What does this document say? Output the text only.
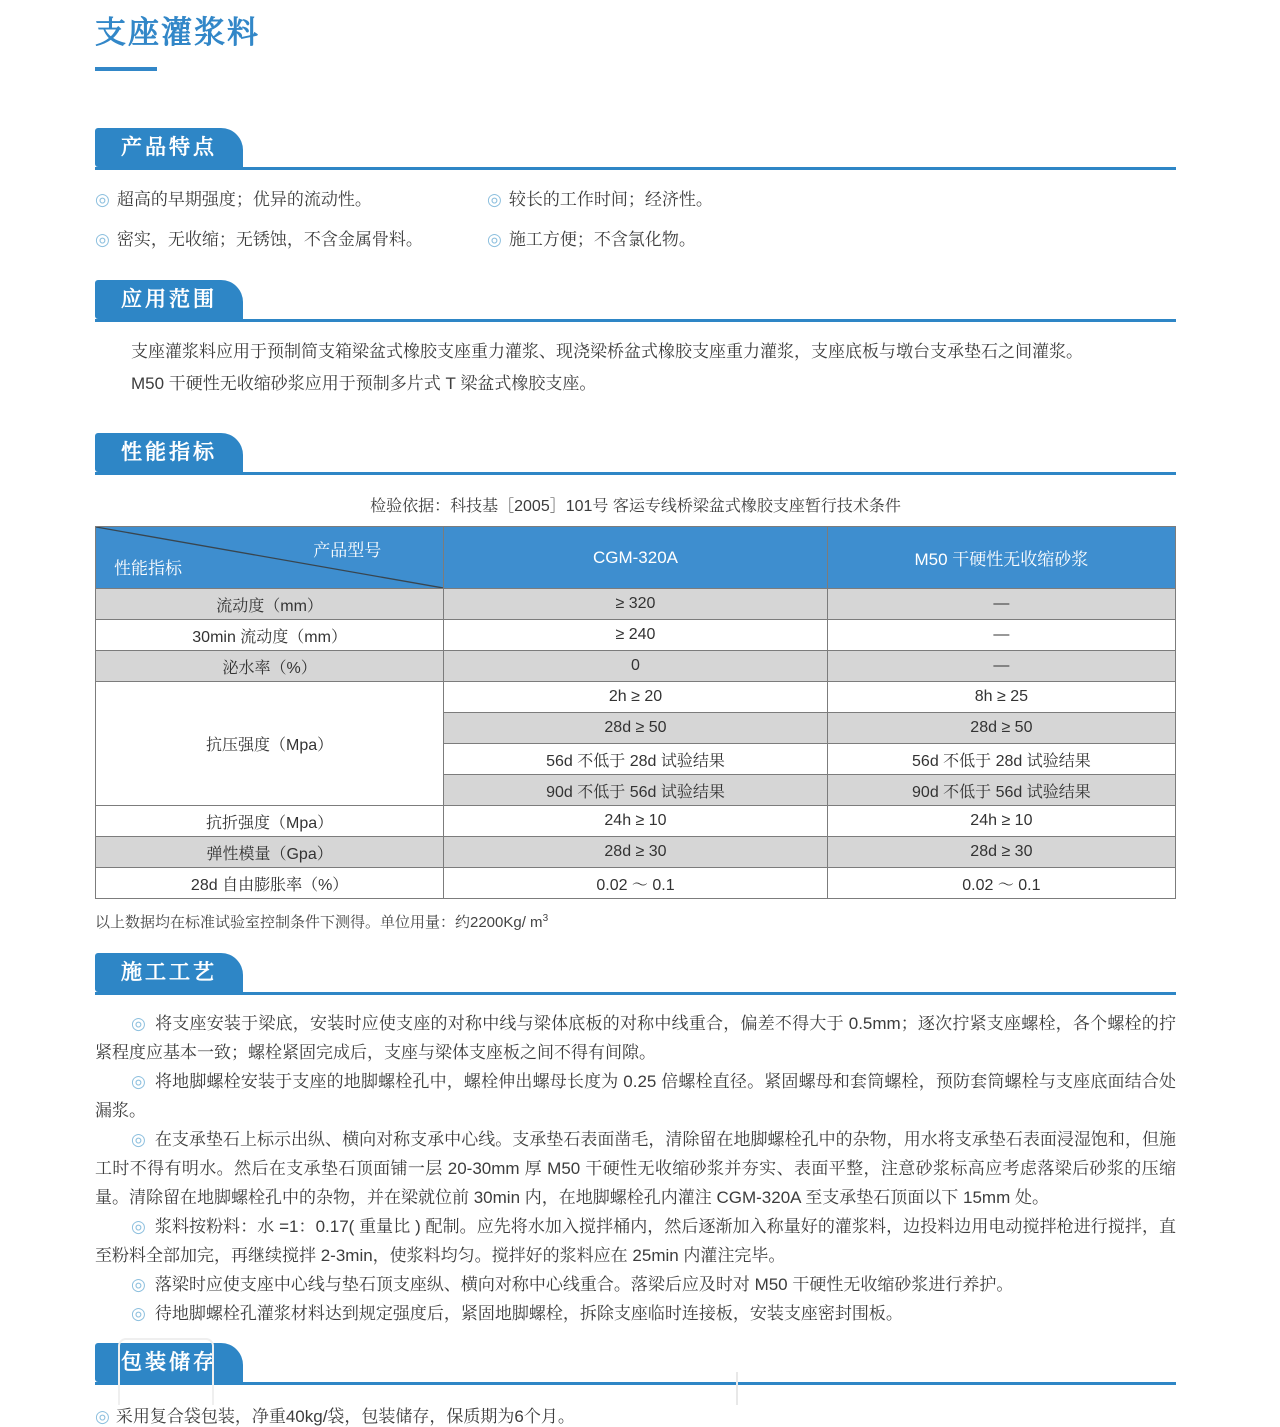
支座灌浆料
产品特点
◎ 超高的早期强度；优异的流动性。
◎ 密实，无收缩；无锈蚀，不含金属骨料。
◎ 较长的工作时间；经济性。
◎ 施工方便；不含氯化物。
应用范围
支座灌浆料应用于预制简支箱梁盆式橡胶支座重力灌浆、现浇梁桥盆式橡胶支座重力灌浆，支座底板与墩台支承垫石之间灌浆。
M50 干硬性无收缩砂浆应用于预制多片式 T 梁盆式橡胶支座。
性能指标
检验依据：科技基［2005］101号 客运专线桥梁盆式橡胶支座暂行技术条件
产品型号
性能指标	CGM-320A	M50 干硬性无收缩砂浆
流动度（mm）	≥ 320	—
30min 流动度（mm）	≥ 240	—
泌水率（%）	0	—
抗压强度（Mpa）	2h ≥ 20	8h ≥ 25
	28d ≥ 50	28d ≥ 50
	56d 不低于 28d 试验结果	56d 不低于 28d 试验结果
	90d 不低于 56d 试验结果	90d 不低于 56d 试验结果
抗折强度（Mpa）	24h ≥ 10	24h ≥ 10
弹性模量（Gpa）	28d ≥ 30	28d ≥ 30
28d 自由膨胀率（%）	0.02 ～ 0.1	0.02 ～ 0.1
以上数据均在标准试验室控制条件下测得。单位用量：约2200Kg/ $m^3$
施工工艺

◎ 将支座安装于梁底，安装时应使支座的对称中线与梁体底板的对称中线重合，偏差不得大于 0.5mm；逐次拧紧支座螺栓，各个螺栓的拧紧程度应基本一致；螺栓紧固完成后，支座与梁体支座板之间不得有间隙。

◎ 将地脚螺栓安装于支座的地脚螺栓孔中，螺栓伸出螺母长度为 0.25 倍螺栓直径。紧固螺母和套筒螺栓，预防套筒螺栓与支座底面结合处漏浆。

◎ 在支承垫石上标示出纵、横向对称支承中心线。支承垫石表面凿毛，清除留在地脚螺栓孔中的杂物，用水将支承垫石表面浸湿饱和，但施工时不得有明水。然后在支承垫石顶面铺一层 20-30mm 厚 M50 干硬性无收缩砂浆并夯实、表面平整，注意砂浆标高应考虑落梁后砂浆的压缩量。清除留在地脚螺栓孔中的杂物，并在梁就位前 30min 内，在地脚螺栓孔内灌注 CGM-320A 至支承垫石顶面以下 15mm 处。

◎ 浆料按粉料：水 =1：0.17( 重量比 ) 配制。应先将水加入搅拌桶内，然后逐渐加入称量好的灌浆料，边投料边用电动搅拌枪进行搅拌，直至粉料全部加完，再继续搅拌 2-3min，使浆料均匀。搅拌好的浆料应在 25min 内灌注完毕。

◎ 落梁时应使支座中心线与垫石顶支座纵、横向对称中心线重合。落梁后应及时对 M50 干硬性无收缩砂浆进行养护。

◎ 待地脚螺栓孔灌浆材料达到规定强度后，紧固地脚螺栓，拆除支座临时连接板，安装支座密封围板。

包装储存
◎ 采用复合袋包装，净重40kg/袋，包装储存，保质期为6个月。
